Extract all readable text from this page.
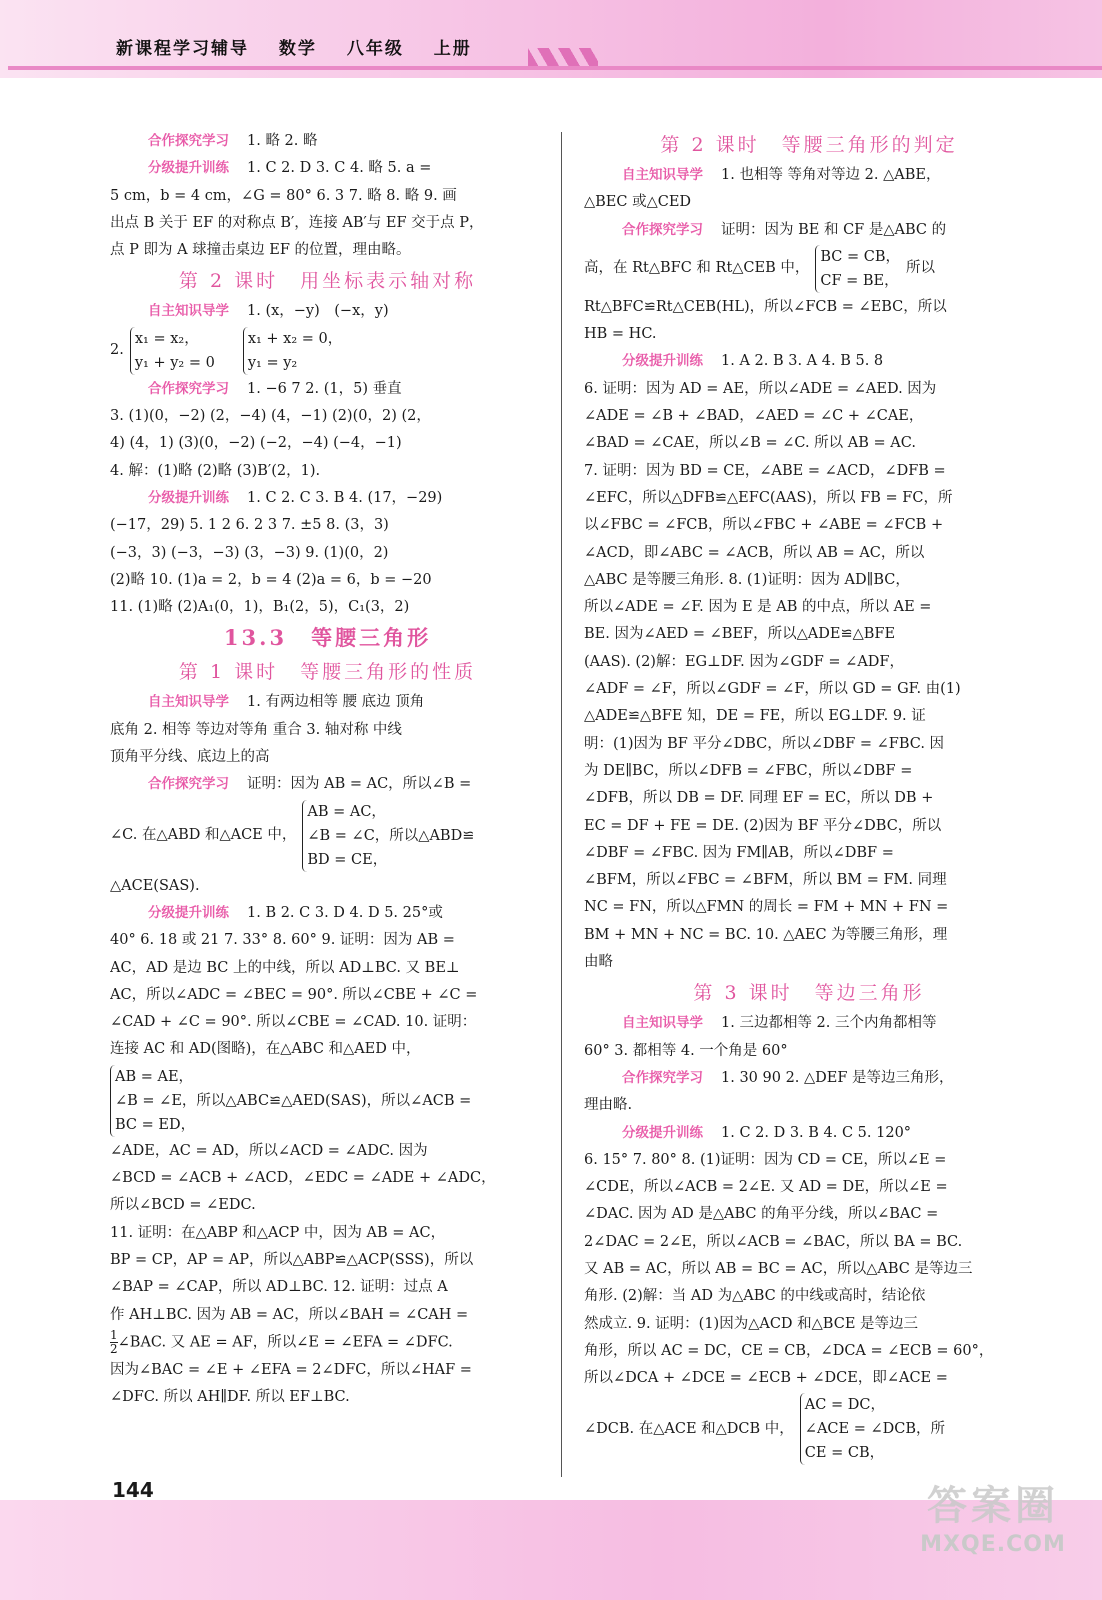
新课程学习辅导 数学 八年级 上册
合作探究学习 1. 略 2. 略
分级提升训练 1. C 2. D 3. C 4. 略 5. a =
5 cm，b = 4 cm，∠G = 80° 6. 3 7. 略 8. 略 9. 画
出点 B 关于 EF 的对称点 B′，连接 AB′与 EF 交于点 P，
点 P 即为 A 球撞击桌边 EF 的位置，理由略。
第 2 课时　用坐标表示轴对称
自主知识导学 1. (x，−y)　(−x，y)
2.
x₁ = x₂，
y₁ + y₂ = 0
x₁ + x₂ = 0，
y₁ = y₂
合作探究学习 1. −6 7 2. (1，5) 垂直
3. (1)(0，−2) (2，−4) (4，−1) (2)(0，2) (2，
4) (4，1) (3)(0，−2) (−2，−4) (−4，−1)
4. 解：(1)略 (2)略 (3)B′(2，1).
分级提升训练 1. C 2. C 3. B 4. (17，−29)
(−17，29) 5. 1 2 6. 2 3 7. ±5 8. (3，3)
(−3，3) (−3，−3) (3，−3) 9. (1)(0，2)
(2)略 10. (1)a = 2，b = 4 (2)a = 6，b = −20
11. (1)略 (2)A₁(0，1)，B₁(2，5)，C₁(3，2)
13.3　等腰三角形
第 1 课时　等腰三角形的性质
自主知识导学 1. 有两边相等 腰 底边 顶角
底角 2. 相等 等边对等角 重合 3. 轴对称 中线
顶角平分线、底边上的高
合作探究学习 证明：因为 AB = AC，所以∠B =
∠C. 在△ABD 和△ACE 中，
AB = AC，
∠B = ∠C，所以△ABD≌
BD = CE，
△ACE(SAS).
分级提升训练 1. B 2. C 3. D 4. D 5. 25°或
40° 6. 18 或 21 7. 33° 8. 60° 9. 证明：因为 AB =
AC，AD 是边 BC 上的中线，所以 AD⊥BC. 又 BE⊥
AC，所以∠ADC = ∠BEC = 90°. 所以∠CBE + ∠C =
∠CAD + ∠C = 90°. 所以∠CBE = ∠CAD. 10. 证明：
连接 AC 和 AD(图略)，在△ABC 和△AED 中，
AB = AE，
∠B = ∠E，所以△ABC≌△AED(SAS)，所以∠ACB =
BC = ED，
∠ADE，AC = AD，所以∠ACD = ∠ADC. 因为
∠BCD = ∠ACB + ∠ACD，∠EDC = ∠ADE + ∠ADC，
所以∠BCD = ∠EDC.
11. 证明：在△ABP 和△ACP 中，因为 AB = AC，
BP = CP，AP = AP，所以△ABP≌△ACP(SSS)，所以
∠BAP = ∠CAP，所以 AD⊥BC. 12. 证明：过点 A
作 AH⊥BC. 因为 AB = AC，所以∠BAH = ∠CAH =
$\frac{1}{2}$ ∠BAC. 又 AE = AF，所以∠E = ∠EFA = ∠DFC.
因为∠BAC = ∠E + ∠EFA = 2∠DFC，所以∠HAF =
∠DFC. 所以 AH∥DF. 所以 EF⊥BC.
第 2 课时　等腰三角形的判定
自主知识导学 1. 也相等 等角对等边 2. △ABE，
△BEC 或△CED
合作探究学习 证明：因为 BE 和 CF 是△ABC 的
高，在 Rt△BFC 和 Rt△CEB 中，
BC = CB，
CF = BE，
所以
Rt△BFC≌Rt△CEB(HL)，所以∠FCB = ∠EBC，所以
HB = HC.
分级提升训练 1. A 2. B 3. A 4. B 5. 8
6. 证明：因为 AD = AE，所以∠ADE = ∠AED. 因为
∠ADE = ∠B + ∠BAD，∠AED = ∠C + ∠CAE，
∠BAD = ∠CAE，所以∠B = ∠C. 所以 AB = AC.
7. 证明：因为 BD = CE，∠ABE = ∠ACD，∠DFB =
∠EFC，所以△DFB≌△EFC(AAS)，所以 FB = FC，所
以∠FBC = ∠FCB，所以∠FBC + ∠ABE = ∠FCB +
∠ACD，即∠ABC = ∠ACB，所以 AB = AC，所以
△ABC 是等腰三角形. 8. (1)证明：因为 AD∥BC，
所以∠ADE = ∠F. 因为 E 是 AB 的中点，所以 AE =
BE. 因为∠AED = ∠BEF，所以△ADE≌△BFE
(AAS). (2)解：EG⊥DF. 因为∠GDF = ∠ADF，
∠ADF = ∠F，所以∠GDF = ∠F，所以 GD = GF. 由(1)
△ADE≌△BFE 知，DE = FE，所以 EG⊥DF. 9. 证
明：(1)因为 BF 平分∠DBC，所以∠DBF = ∠FBC. 因
为 DE∥BC，所以∠DFB = ∠FBC，所以∠DBF =
∠DFB，所以 DB = DF. 同理 EF = EC，所以 DB +
EC = DF + FE = DE. (2)因为 BF 平分∠DBC，所以
∠DBF = ∠FBC. 因为 FM∥AB，所以∠DBF =
∠BFM，所以∠FBC = ∠BFM，所以 BM = FM. 同理
NC = FN，所以△FMN 的周长 = FM + MN + FN =
BM + MN + NC = BC. 10. △AEC 为等腰三角形，理
由略
第 3 课时　等边三角形
自主知识导学 1. 三边都相等 2. 三个内角都相等
60° 3. 都相等 4. 一个角是 60°
合作探究学习 1. 30 90 2. △DEF 是等边三角形，
理由略.
分级提升训练 1. C 2. D 3. B 4. C 5. 120°
6. 15° 7. 80° 8. (1)证明：因为 CD = CE，所以∠E =
∠CDE，所以∠ACB = 2∠E. 又 AD = DE，所以∠E =
∠DAC. 因为 AD 是△ABC 的角平分线，所以∠BAC =
2∠DAC = 2∠E，所以∠ACB = ∠BAC，所以 BA = BC.
又 AB = AC，所以 AB = BC = AC，所以△ABC 是等边三
角形. (2)解：当 AD 为△ABC 的中线或高时，结论依
然成立. 9. 证明：(1)因为△ACD 和△BCE 是等边三
角形，所以 AC = DC，CE = CB，∠DCA = ∠ECB = 60°，
所以∠DCA + ∠DCE = ∠ECB + ∠DCE，即∠ACE =
∠DCB. 在△ACE 和△DCB 中，
AC = DC，
∠ACE = ∠DCB，所
CE = CB，
144	答案圈
MXQE.COM
